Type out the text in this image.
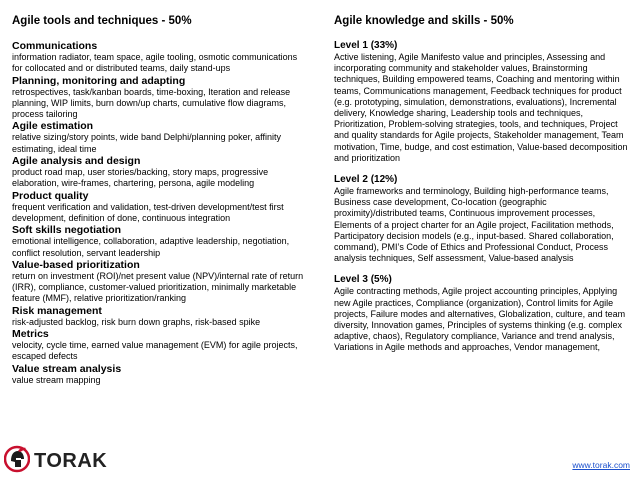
Agile tools and techniques - 50%
Communications
information radiator, team space, agile tooling, osmotic communications for collocated and or distributed teams, daily stand-ups
Planning, monitoring and adapting
retrospectives, task/kanban boards, time-boxing, Iteration and release planning, WIP limits, burn down/up charts, cumulative flow diagrams, process tailoring
Agile estimation
relative sizing/story points, wide band Delphi/planning poker, affinity estimating, ideal time
Agile analysis and design
product road map, user stories/backing, story maps, progressive elaboration, wire-frames, chartering, persona, agile modeling
Product quality
frequent verification and validation, test-driven development/test first development, definition of done, continuous integration
Soft skills negotiation
emotional intelligence, collaboration, adaptive leadership, negotiation, conflict resolution, servant leadership
Value-based prioritization
return on investment (ROI)/net present value (NPV)/internal rate of return (IRR), compliance, customer-valued prioritization, minimally marketable feature (MMF), relative prioritization/ranking
Risk management
risk-adjusted backlog, risk burn down graphs, risk-based spike
Metrics
velocity, cycle time, earned value management (EVM) for agile projects, escaped defects
Value stream analysis
value stream mapping
Agile knowledge and skills - 50%
Level 1 (33%)
Active listening, Agile Manifesto value and principles, Assessing and incorporating community and stakeholder values, Brainstorming techniques, Building empowered teams, Coaching and mentoring within teams, Communications management, Feedback techniques for product (e.g. prototyping, simulation, demonstrations, evaluations), Incremental delivery, Knowledge sharing, Leadership tools and techniques, Prioritization, Problem-solving strategies, tools, and techniques, Project and quality standards for Agile projects, Stakeholder management, Team motivation, Time, budge, and cost estimation, Value-based decomposition and prioritization
Level 2 (12%)
Agile frameworks and terminology, Building high-performance teams, Business case development, Co-location (geographic proximity)/distributed teams, Continuous improvement processes, Elements of a project charter for an Agile project, Facilitation methods, Participatory decision models (e.g., input-based. Shared collaboration, command), PMI’s Code of Ethics and Professional Conduct, Process analysis techniques, Self assessment, Value-based analysis
Level 3 (5%)
Agile contracting methods, Agile project accounting principles, Applying new Agile practices, Compliance (organization), Control limits for Agile projects, Failure modes and alternatives, Globalization, culture, and team diversity, Innovation games, Principles of systems thinking (e.g. complex adaptive, chaos), Regulatory compliance, Variance and trend analysis, Variations in Agile methods and approaches, Vendor management,
TORAK	www.torak.com
